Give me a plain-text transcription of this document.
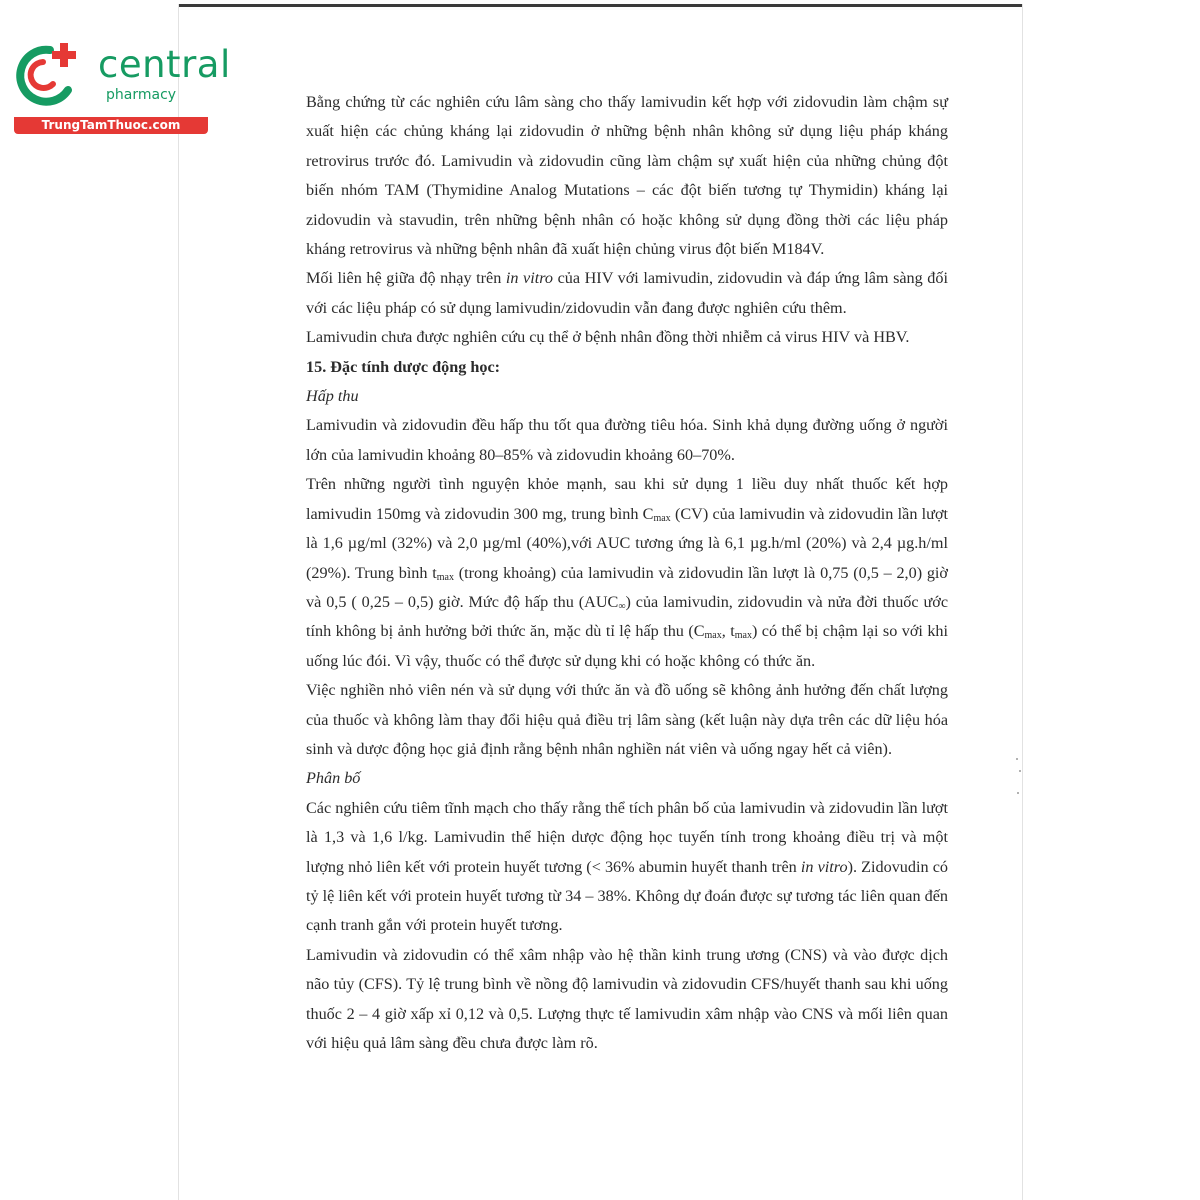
central
pharmacy
TrungTamThuoc.com

Bằng chứng từ các nghiên cứu lâm sàng cho thấy lamivudin kết hợp với zidovudin làm chậm sự xuất hiện các chủng kháng lại zidovudin ở những bệnh nhân không sử dụng liệu pháp kháng retrovirus trước đó. Lamivudin và zidovudin cũng làm chậm sự xuất hiện của những chủng đột biến nhóm TAM (Thymidine Analog Mutations – các đột biến tương tự Thymidin) kháng lại zidovudin và stavudin, trên những bệnh nhân có hoặc không sử dụng đồng thời các liệu pháp kháng retrovirus và những bệnh nhân đã xuất hiện chủng virus đột biến M184V.

Mối liên hệ giữa độ nhạy trên in vitro của HIV với lamivudin, zidovudin và đáp ứng lâm sàng đối với các liệu pháp có sử dụng lamivudin/zidovudin vẫn đang được nghiên cứu thêm.

Lamivudin chưa được nghiên cứu cụ thể ở bệnh nhân đồng thời nhiễm cả virus HIV và HBV.

15. Đặc tính dược động học:

Hấp thu

Lamivudin và zidovudin đều hấp thu tốt qua đường tiêu hóa. Sinh khả dụng đường uống ở người lớn của lamivudin khoảng 80–85% và zidovudin khoảng 60–70%.

Trên những người tình nguyện khỏe mạnh, sau khi sử dụng 1 liều duy nhất thuốc kết hợp lamivudin 150mg và zidovudin 300 mg, trung bình $C_{max}$ (CV) của lamivudin và zidovudin lần lượt là 1,6 µg/ml (32%) và 2,0 µg/ml (40%),với AUC tương ứng là 6,1 µg.h/ml (20%) và 2,4 µg.h/ml (29%). Trung bình $t_{max}$ (trong khoảng) của lamivudin và zidovudin lần lượt là 0,75 (0,5 – 2,0) giờ và 0,5 ( 0,25 – 0,5) giờ. Mức độ hấp thu $(AUC_\infty)$ của lamivudin, zidovudin và nửa đời thuốc ước tính không bị ảnh hưởng bởi thức ăn, mặc dù tỉ lệ hấp thu ($C_{max}$, $t_{max}$) có thể bị chậm lại so với khi uống lúc đói. Vì vậy, thuốc có thể được sử dụng khi có hoặc không có thức ăn.

Việc nghiền nhỏ viên nén và sử dụng với thức ăn và đồ uống sẽ không ảnh hưởng đến chất lượng của thuốc và không làm thay đổi hiệu quả điều trị lâm sàng (kết luận này dựa trên các dữ liệu hóa sinh và dược động học giả định rằng bệnh nhân nghiền nát viên và uống ngay hết cả viên).

Phân bố

Các nghiên cứu tiêm tĩnh mạch cho thấy rằng thể tích phân bố của lamivudin và zidovudin lần lượt là 1,3 và 1,6 l/kg. Lamivudin thể hiện dược động học tuyến tính trong khoảng điều trị và một lượng nhỏ liên kết với protein huyết tương (< 36% abumin huyết thanh trên in vitro). Zidovudin có tỷ lệ liên kết với protein huyết tương từ 34 – 38%. Không dự đoán được sự tương tác liên quan đến cạnh tranh gắn với protein huyết tương.

Lamivudin và zidovudin có thể xâm nhập vào hệ thần kinh trung ương (CNS) và vào được dịch não tủy (CFS). Tỷ lệ trung bình về nồng độ lamivudin và zidovudin CFS/huyết thanh sau khi uống thuốc 2 – 4 giờ xấp xỉ 0,12 và 0,5. Lượng thực tế lamivudin xâm nhập vào CNS và mối liên quan với hiệu quả lâm sàng đều chưa được làm rõ.
